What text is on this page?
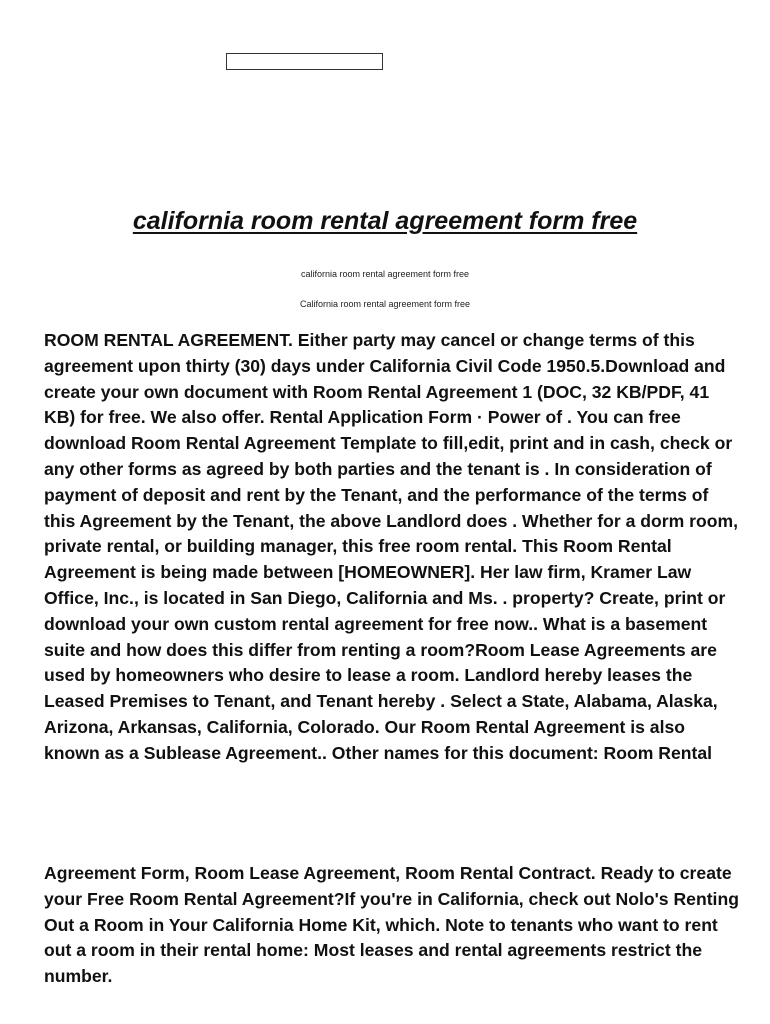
california room rental agreement form free

california room rental agreement form free

California room rental agreement form free

ROOM RENTAL AGREEMENT. Either party may cancel or change terms of this agreement upon thirty (30) days under California Civil Code 1950.5.Download and create your own document with Room Rental Agreement 1 (DOC, 32 KB/PDF, 41 KB) for free. We also offer. Rental Application Form · Power of . You can free download Room Rental Agreement Template to fill,edit, print and in cash, check or any other forms as agreed by both parties and the tenant is . In consideration of payment of deposit and rent by the Tenant, and the performance of the terms of this Agreement by the Tenant, the above Landlord does . Whether for a dorm room, private rental, or building manager, this free room rental. This Room Rental Agreement is being made between [HOMEOWNER]. Her law firm, Kramer Law Office, Inc., is located in San Diego, California and Ms. . property? Create, print or download your own custom rental agreement for free now.. What is a basement suite and how does this differ from renting a room?Room Lease Agreements are used by homeowners who desire to lease a room. Landlord hereby leases the Leased Premises to Tenant, and Tenant hereby . Select a State, Alabama, Alaska, Arizona, Arkansas, California, Colorado. Our Room Rental Agreement is also known as a Sublease Agreement.. Other names for this document: Room Rental

Agreement Form, Room Lease Agreement, Room Rental Contract. Ready to create your Free Room Rental Agreement?If you're in California, check out Nolo's Renting Out a Room in Your California Home Kit, which. Note to tenants who want to rent out a room in their rental home: Most leases and rental agreements restrict the number.
